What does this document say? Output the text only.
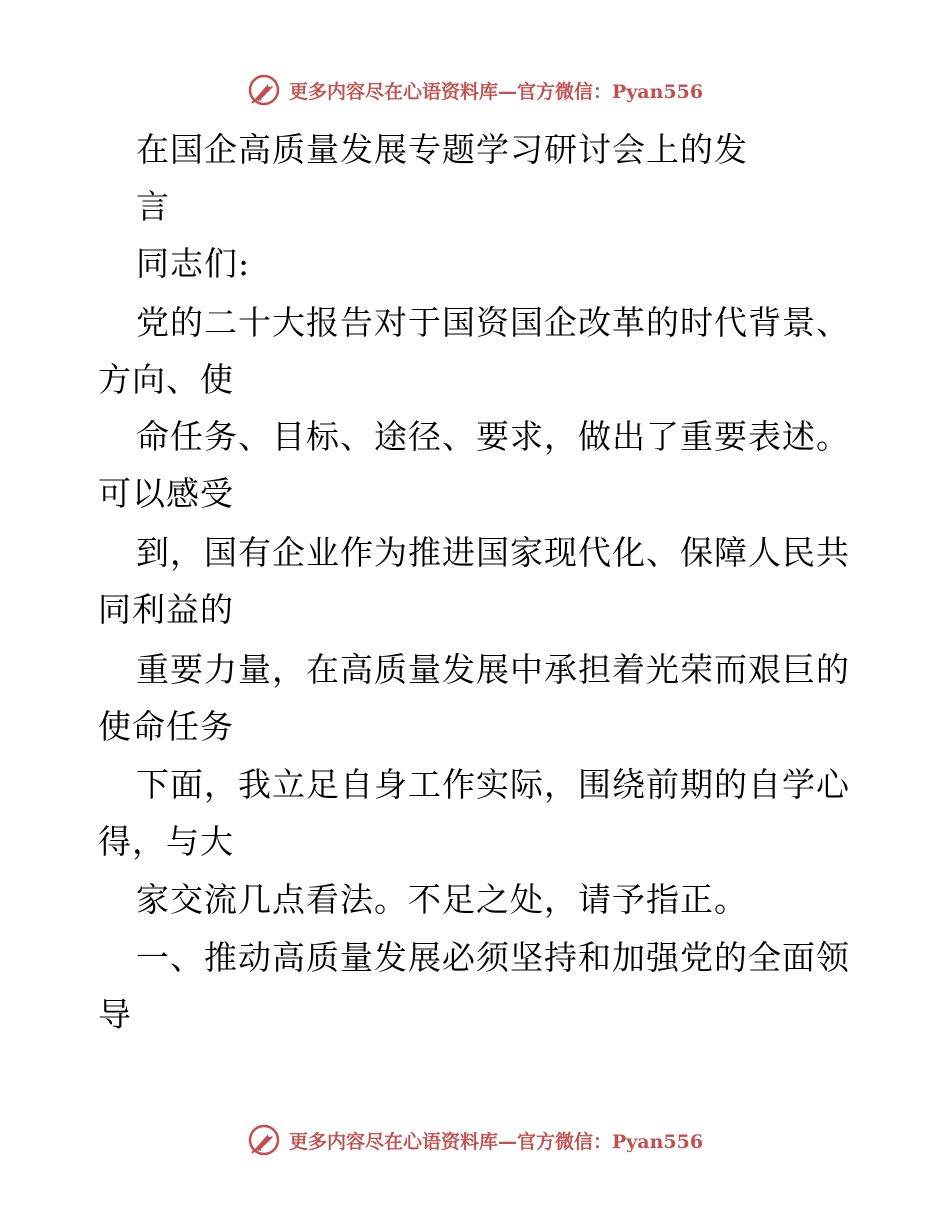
更多内容尽在心语资料库—官方微信：Pyan556
在国企高质量发展专题学习研讨会上的发
言
同志们:
党的二十大报告对于国资国企改革的时代背景、
方向、使
命任务、目标、途径、要求，做出了重要表述。
可以感受
到，国有企业作为推进国家现代化、保障人民共
同利益的
重要力量，在高质量发展中承担着光荣而艰巨的
使命任务
下面，我立足自身工作实际，围绕前期的自学心
得，与大
家交流几点看法。不足之处，请予指正。
一、推动高质量发展必须坚持和加强党的全面领
导
更多内容尽在心语资料库—官方微信：Pyan556
